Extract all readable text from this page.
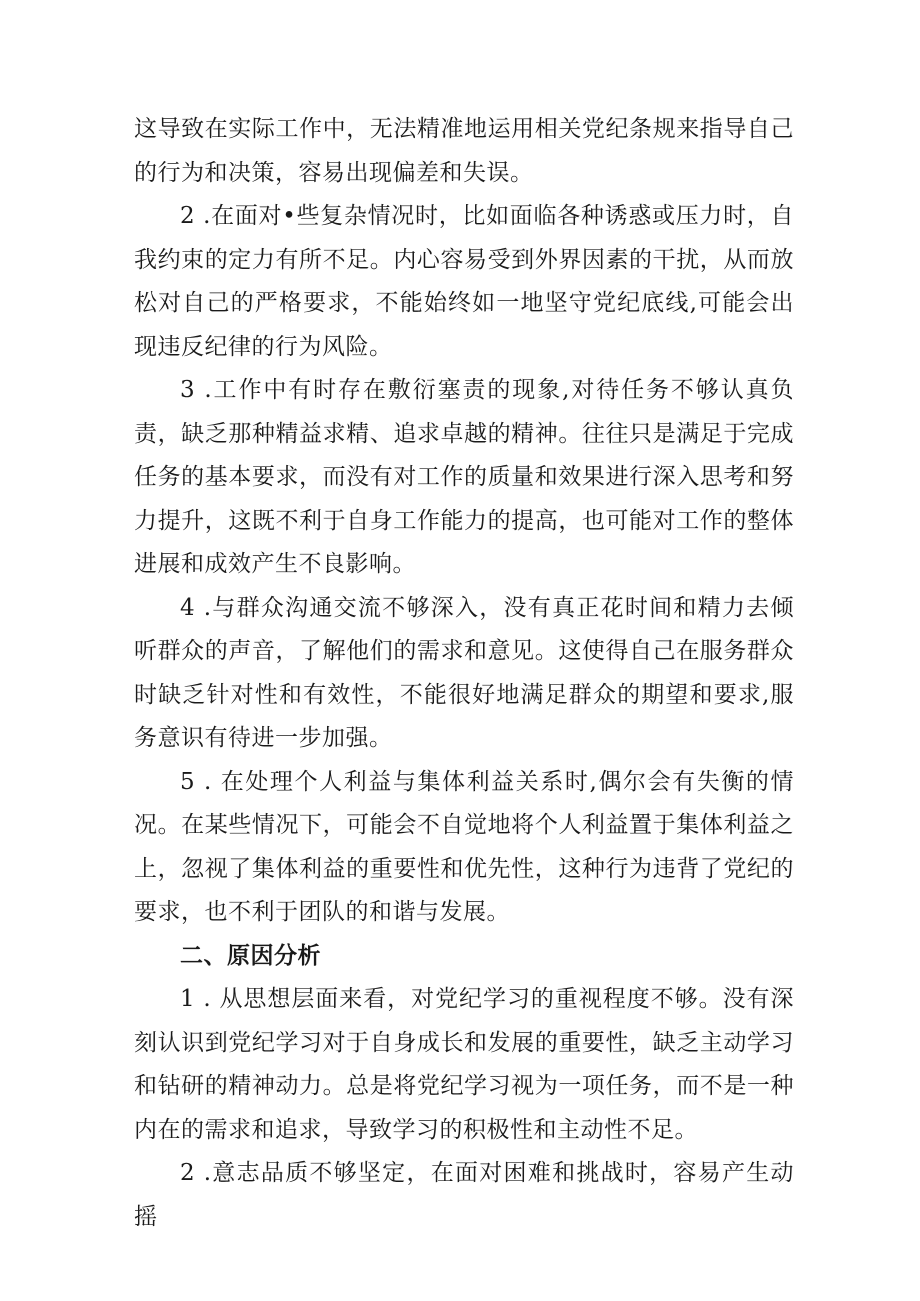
这导致在实际工作中，无法精准地运用相关党纪条规来指导自己的行为和决策，容易出现偏差和失误。

2 .在面对•些复杂情况时，比如面临各种诱惑或压力时，自我约束的定力有所不足。内心容易受到外界因素的干扰，从而放松对自己的严格要求，不能始终如一地坚守党纪底线,可能会出现违反纪律的行为风险。

3 .工作中有时存在敷衍塞责的现象,对待任务不够认真负责，缺乏那种精益求精、追求卓越的精神。往往只是满足于完成任务的基本要求，而没有对工作的质量和效果进行深入思考和努力提升，这既不利于自身工作能力的提高，也可能对工作的整体进展和成效产生不良影响。

4 .与群众沟通交流不够深入，没有真正花时间和精力去倾听群众的声音，了解他们的需求和意见。这使得自己在服务群众时缺乏针对性和有效性，不能很好地满足群众的期望和要求,服务意识有待进一步加强。

5 . 在处理个人利益与集体利益关系时,偶尔会有失衡的情况。在某些情况下，可能会不自觉地将个人利益置于集体利益之上，忽视了集体利益的重要性和优先性，这种行为违背了党纪的要求，也不利于团队的和谐与发展。

二、原因分析

1 . 从思想层面来看，对党纪学习的重视程度不够。没有深刻认识到党纪学习对于自身成长和发展的重要性，缺乏主动学习和钻研的精神动力。总是将党纪学习视为一项任务，而不是一种内在的需求和追求，导致学习的积极性和主动性不足。

2 .意志品质不够坚定，在面对困难和挑战时，容易产生动摇
